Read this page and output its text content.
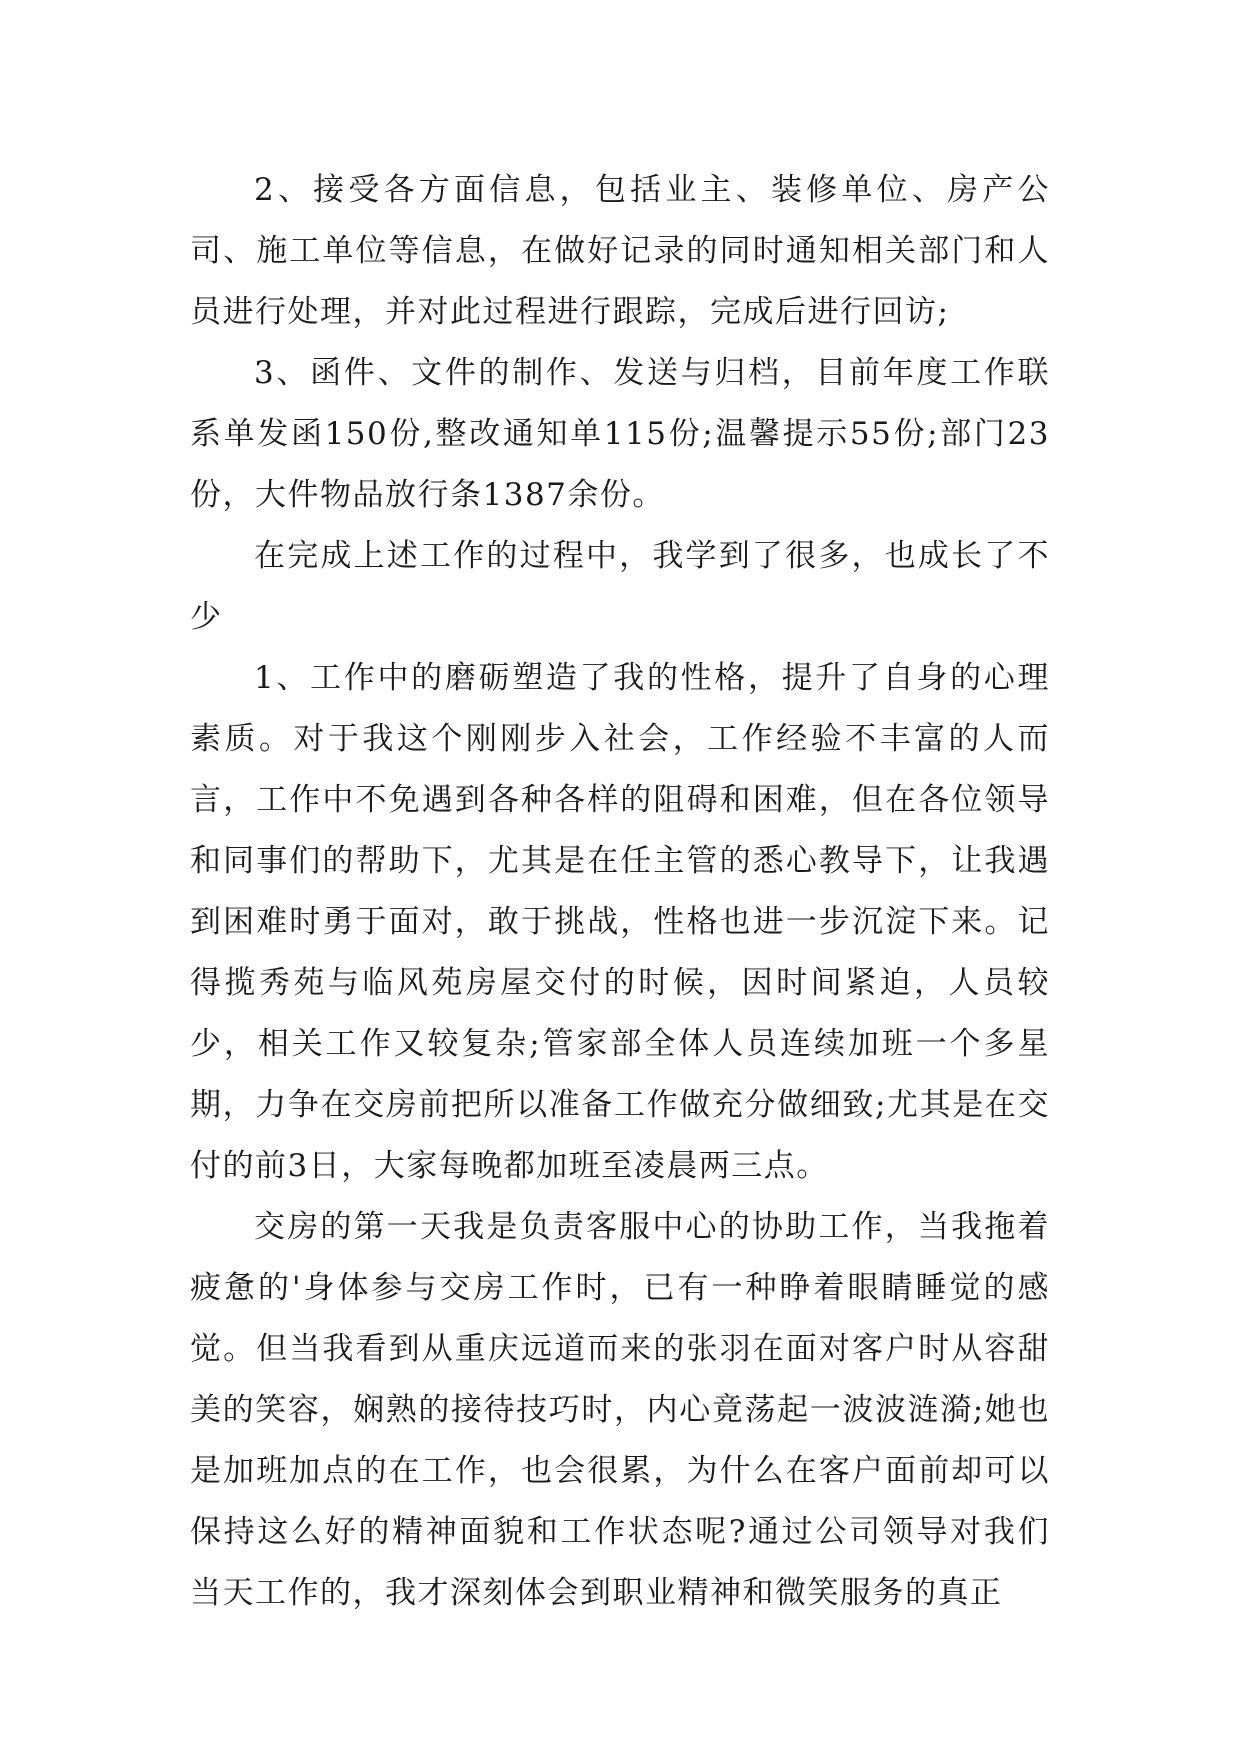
2、接受各方面信息，包括业主、装修单位、房产公司、施工单位等信息，在做好记录的同时通知相关部门和人员进行处理，并对此过程进行跟踪，完成后进行回访;

3、函件、文件的制作、发送与归档，目前年度工作联系单发函150份,整改通知单115份;温馨提示55份;部门23份，大件物品放行条1387余份。

在完成上述工作的过程中，我学到了很多，也成长了不少

1、工作中的磨砺塑造了我的性格，提升了自身的心理素质。对于我这个刚刚步入社会，工作经验不丰富的人而言，工作中不免遇到各种各样的阻碍和困难，但在各位领导和同事们的帮助下，尤其是在任主管的悉心教导下，让我遇到困难时勇于面对，敢于挑战，性格也进一步沉淀下来。记得揽秀苑与临风苑房屋交付的时候，因时间紧迫，人员较少，相关工作又较复杂;管家部全体人员连续加班一个多星期，力争在交房前把所以准备工作做充分做细致;尤其是在交付的前3日，大家每晚都加班至凌晨两三点。

交房的第一天我是负责客服中心的协助工作，当我拖着疲惫的'身体参与交房工作时，已有一种睁着眼睛睡觉的感觉。但当我看到从重庆远道而来的张羽在面对客户时从容甜美的笑容，娴熟的接待技巧时，内心竟荡起一波波涟漪;她也是加班加点的在工作，也会很累，为什么在客户面前却可以保持这么好的精神面貌和工作状态呢?通过公司领导对我们当天工作的，我才深刻体会到职业精神和微笑服务的真正
